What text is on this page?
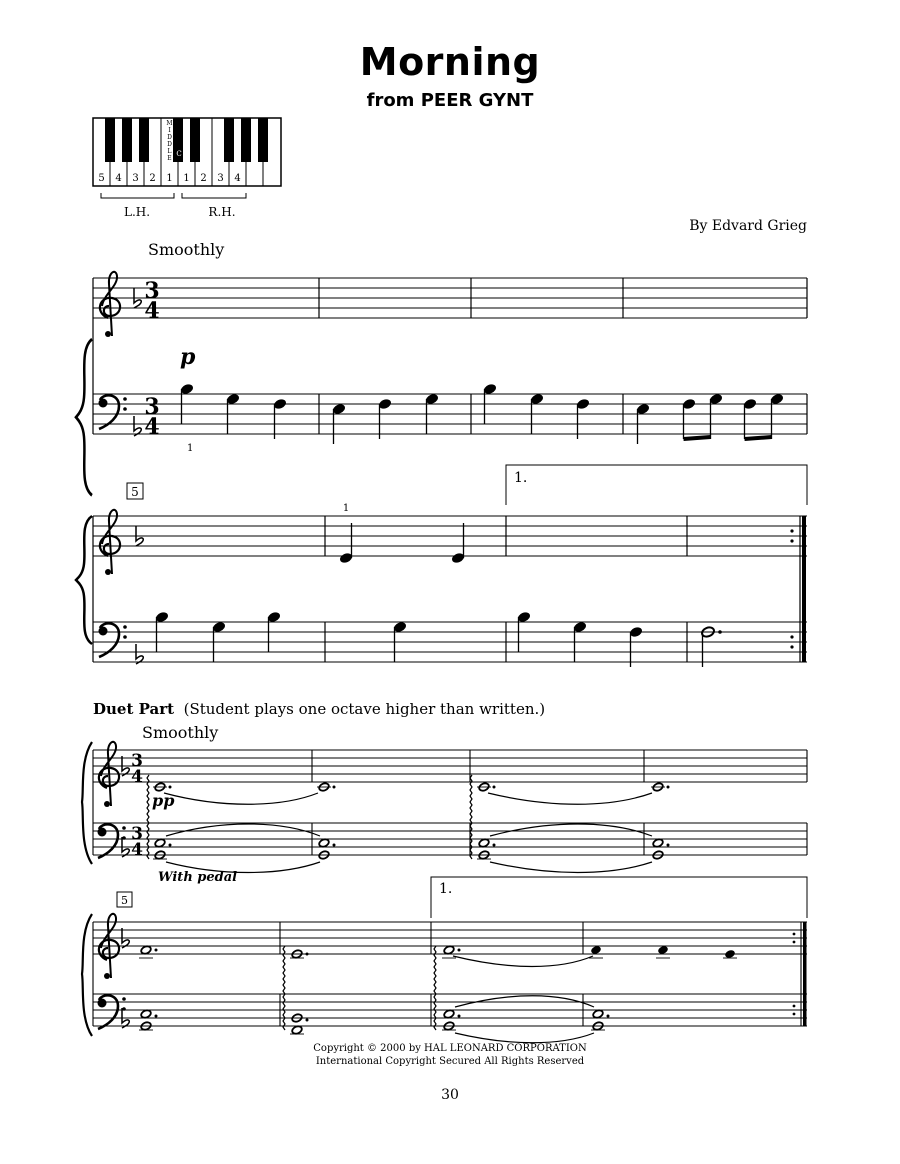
Morning
from PEER GYNT
By Edvard Grieg
Smoothly
Duet Part (Student plays one octave higher than written.)
Smoothly
Copyright © 2000 by HAL LEONARD CORPORATION
International Copyright Secured All Rights Reserved
30
M
I
D
D
L
E
C
5 4 3 2 1 1 2 3 4
L.H.	R.H.
3
4
3
4
p
1
5
1.
1
3
4
3
4
pp
With pedal
5
1.
